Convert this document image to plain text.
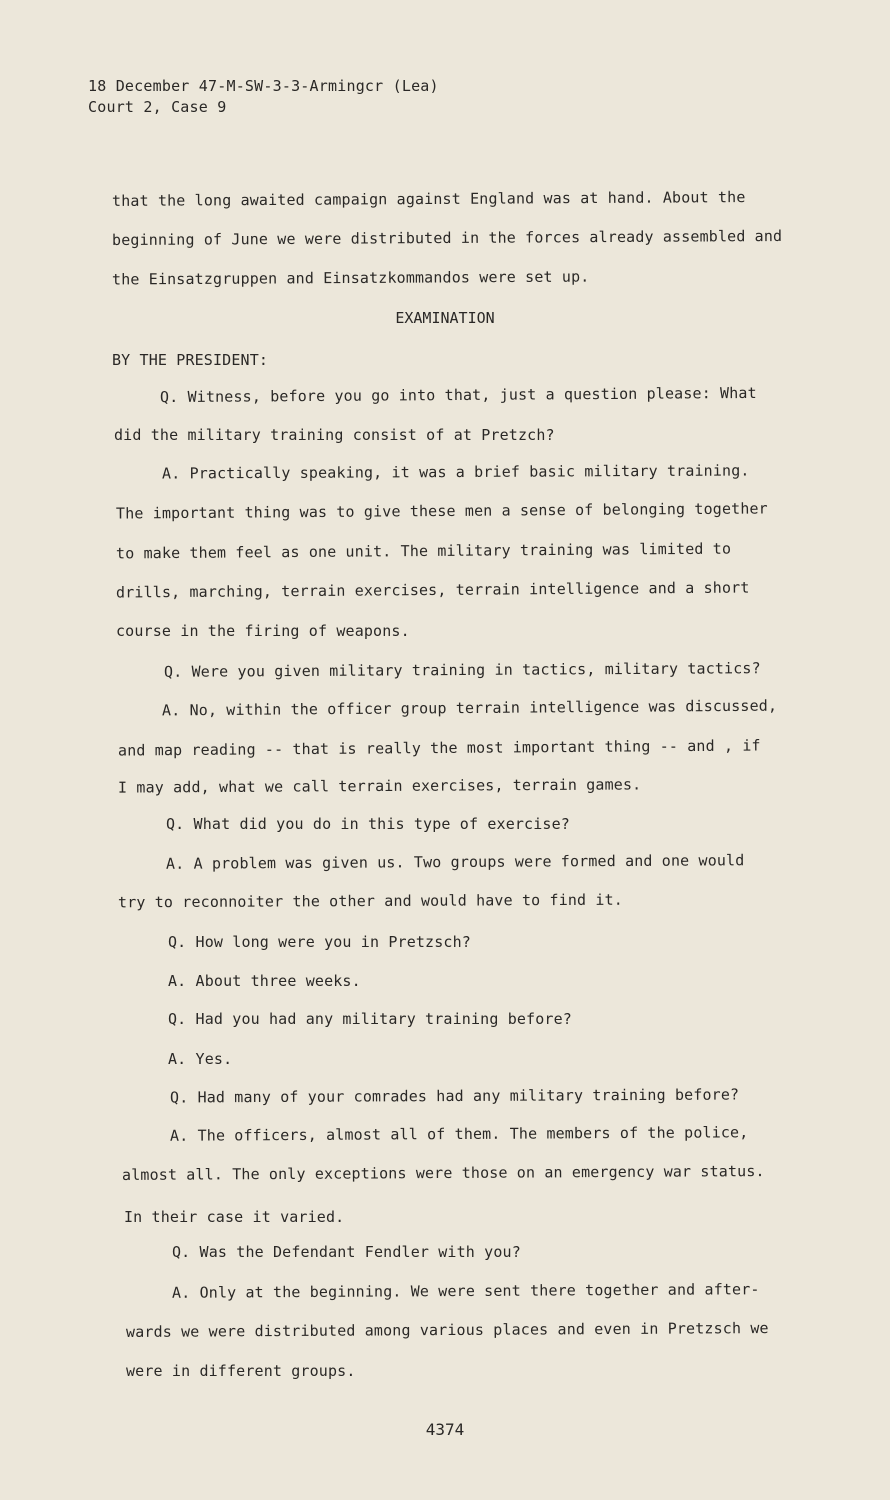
18 December 47-M-SW-3-3-Armingcr (Lea)
Court 2, Case 9
that the long awaited campaign against England was at hand. About the
beginning of June we were distributed in the forces already assembled and
the Einsatzgruppen and Einsatzkommandos were set up.
EXAMINATION
BY THE PRESIDENT:
Q. Witness, before you go into that, just a question please: What
did the military training consist of at Pretzch?
A. Practically speaking, it was a brief basic military training.
The important thing was to give these men a sense of belonging together
to make them feel as one unit. The military training was limited to
drills, marching, terrain exercises, terrain intelligence and a short
course in the firing of weapons.
Q. Were you given military training in tactics, military tactics?
A. No, within the officer group terrain intelligence was discussed,
and map reading -- that is really the most important thing -- and , if
I may add, what we call terrain exercises, terrain games.
Q. What did you do in this type of exercise?
A. A problem was given us. Two groups were formed and one would
try to reconnoiter the other and would have to find it.
Q. How long were you in Pretzsch?
A. About three weeks.
Q. Had you had any military training before?
A. Yes.
Q. Had many of your comrades had any military training before?
A. The officers, almost all of them. The members of the police,
almost all. The only exceptions were those on an emergency war status.
In their case it varied.
Q. Was the Defendant Fendler with you?
A. Only at the beginning. We were sent there together and after-
wards we were distributed among various places and even in Pretzsch we
were in different groups.
4374
